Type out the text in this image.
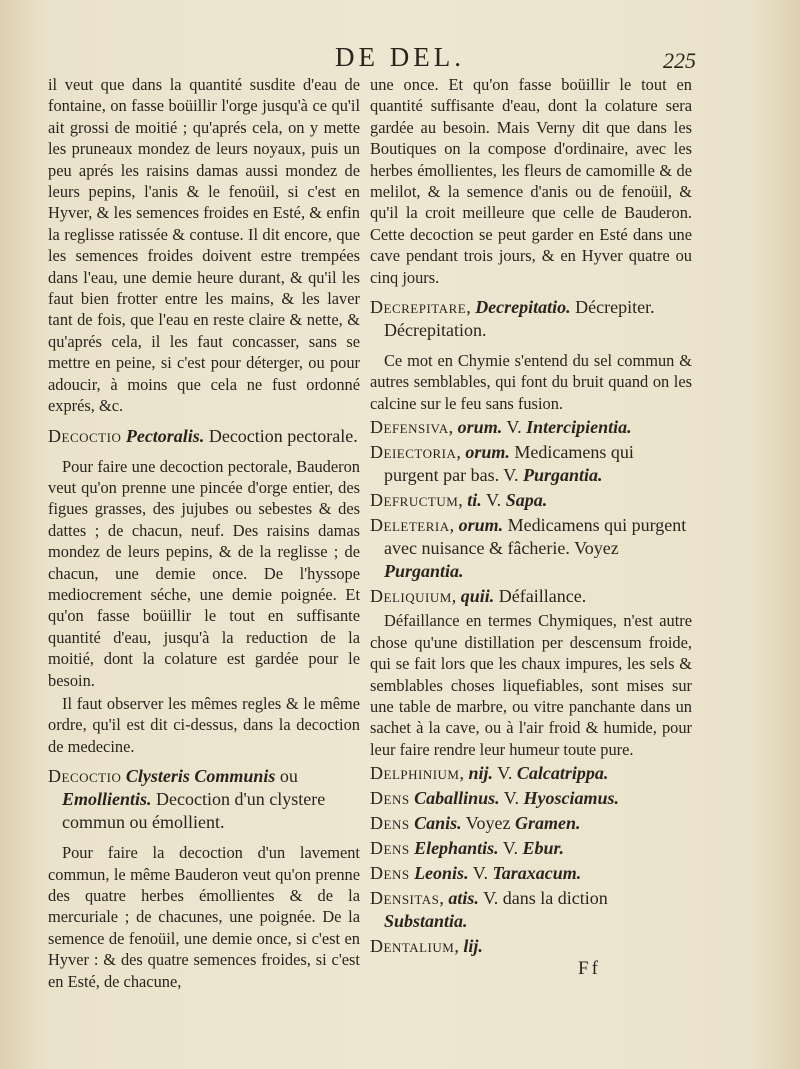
DE DEL.	225

il veut que dans la quantité susdite d'eau de fontaine, on fasse boüillir l'orge jusqu'à ce qu'il ait grossi de moitié ; qu'aprés cela, on y mette les pruneaux mondez de leurs noyaux, puis un peu aprés les raisins damas aussi mondez de leurs pepins, l'anis & le fenoüil, si c'est en Hyver, & les semences froides en Esté, & enfin la reglisse ratissée & contuse. Il dit encore, que les semences froides doivent estre trempées dans l'eau, une demie heure durant, & qu'il les faut bien frotter entre les mains, & les laver tant de fois, que l'eau en reste claire & nette, & qu'aprés cela, il les faut concasser, sans se mettre en peine, si c'est pour déterger, ou pour adoucir, à moins que cela ne fust ordonné exprés, &c.

Decoctio Pectoralis. Decoction pectorale.

Pour faire une decoction pectorale, Bauderon veut qu'on prenne une pincée d'orge entier, des figues grasses, des jujubes ou sebestes & des dattes ; de chacun, neuf. Des raisins damas mondez de leurs pepins, & de la reglisse ; de chacun, une demie once. De l'hyssope mediocrement séche, une demie poignée. Et qu'on fasse boüillir le tout en suffisante quantité d'eau, jusqu'à la reduction de la moitié, dont la colature est gardée pour le besoin.

Il faut observer les mêmes regles & le même ordre, qu'il est dit ci-dessus, dans la decoction de medecine.

Decoctio Clysteris Communis ou Emollientis. Decoction d'un clystere commun ou émollient.

Pour faire la decoction d'un lavement commun, le même Bauderon veut qu'on prenne des quatre herbes émollientes & de la mercuriale ; de chacunes, une poignée. De la semence de fenoüil, une demie once, si c'est en Hyver : & des quatre semences froides, si c'est en Esté, de chacune,

une once. Et qu'on fasse boüillir le tout en quantité suffisante d'eau, dont la colature sera gardée au besoin. Mais Verny dit que dans les Boutiques on la compose d'ordinaire, avec les herbes émollientes, les fleurs de camomille & de melilot, & la semence d'anis ou de fenoüil, & qu'il la croit meilleure que celle de Bauderon. Cette decoction se peut garder en Esté dans une cave pendant trois jours, & en Hyver quatre ou cinq jours.

Decrepitare, Decrepitatio. Décrepiter. Décrepitation.

Ce mot en Chymie s'entend du sel commun & autres semblables, qui font du bruit quand on les calcine sur le feu sans fusion.

Defensiva, orum. V. Intercipientia.
Deiectoria, orum. Medicamens qui purgent par bas. V. Purgantia.
Defructum, ti. V. Sapa.
Deleteria, orum. Medicamens qui purgent avec nuisance & fâcherie. Voyez Purgantia.
Deliquium, quii. Défaillance.

Défaillance en termes Chymiques, n'est autre chose qu'une distillation per descensum froide, qui se fait lors que les chaux impures, les sels & semblables choses liquefiables, sont mises sur une table de marbre, ou vitre panchante dans un sachet à la cave, ou à l'air froid & humide, pour leur faire rendre leur humeur toute pure.

Delphinium, nij. V. Calcatrippa.
Dens Caballinus. V. Hyosciamus.
Dens Canis. Voyez Gramen.
Dens Elephantis. V. Ebur.
Dens Leonis. V. Taraxacum.
Densitas, atis. V. dans la diction Substantia.
Dentalium, lij.
Ff
